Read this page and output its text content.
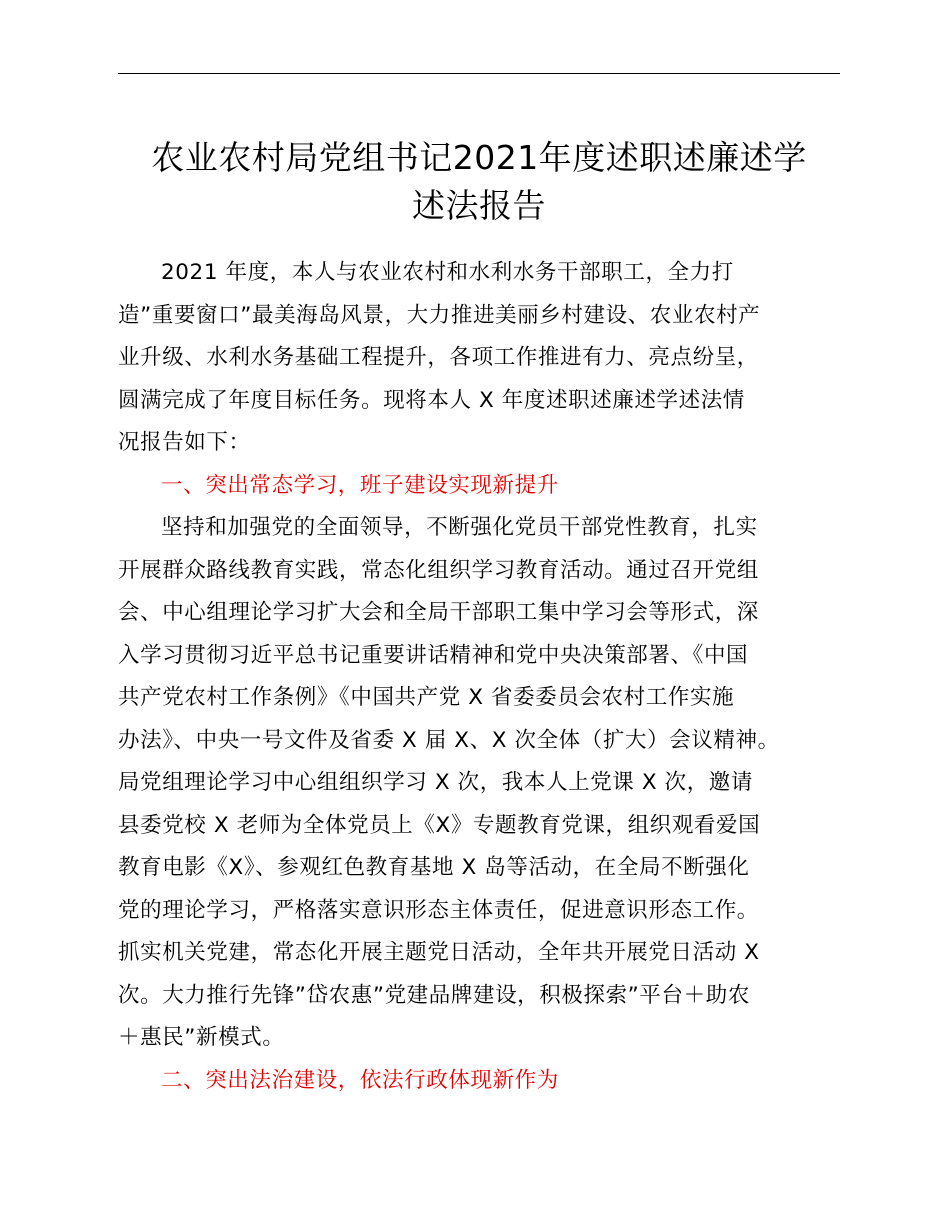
农业农村局党组书记2021年度述职述廉述学
述法报告
2021 年度，本人与农业农村和水利水务干部职工，全力打
造”重要窗口”最美海岛风景，大力推进美丽乡村建设、农业农村产
业升级、水利水务基础工程提升，各项工作推进有力、亮点纷呈，
圆满完成了年度目标任务。现将本人 X 年度述职述廉述学述法情
况报告如下：
一、突出常态学习，班子建设实现新提升
坚持和加强党的全面领导，不断强化党员干部党性教育，扎实
开展群众路线教育实践，常态化组织学习教育活动。通过召开党组
会、中心组理论学习扩大会和全局干部职工集中学习会等形式，深
入学习贯彻习近平总书记重要讲话精神和党中央决策部署、《中国
共产党农村工作条例》《中国共产党 X 省委委员会农村工作实施
办法》、中央一号文件及省委 X 届 X、X 次全体（扩大）会议精神。
局党组理论学习中心组组织学习 X 次，我本人上党课 X 次，邀请
县委党校 X 老师为全体党员上《X》专题教育党课，组织观看爱国
教育电影《X》、参观红色教育基地 X 岛等活动，在全局不断强化
党的理论学习，严格落实意识形态主体责任，促进意识形态工作。
抓实机关党建，常态化开展主题党日活动，全年共开展党日活动 X
次。大力推行先锋”岱农惠”党建品牌建设，积极探索”平台＋助农
＋惠民”新模式。
二、突出法治建设，依法行政体现新作为
